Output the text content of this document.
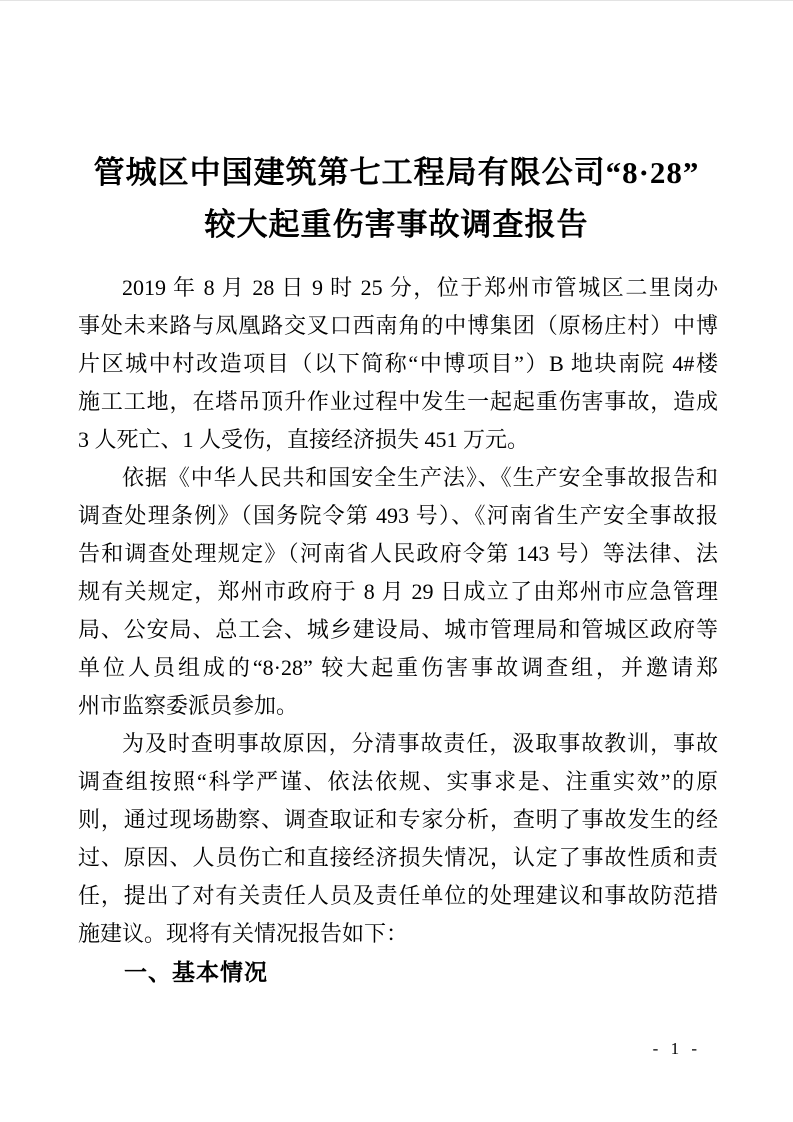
管城区中国建筑第七工程局有限公司“8·28”
较大起重伤害事故调查报告
2019 年 8 月 28 日 9 时 25 分，位于郑州市管城区二里岗办
事处未来路与凤凰路交叉口西南角的中博集团（原杨庄村）中博
片区城中村改造项目（以下简称“中博项目”）B 地块南院 4#楼
施工工地，在塔吊顶升作业过程中发生一起起重伤害事故，造成
3 人死亡、1 人受伤，直接经济损失 451 万元。
依据《中华人民共和国安全生产法》、《生产安全事故报告和
调查处理条例》（国务院令第 493 号）、《河南省生产安全事故报
告和调查处理规定》（河南省人民政府令第 143 号）等法律、法
规有关规定，郑州市政府于 8 月 29 日成立了由郑州市应急管理
局、公安局、总工会、城乡建设局、城市管理局和管城区政府等
单位人员组成的“8·28” 较大起重伤害事故调查组，并邀请郑
州市监察委派员参加。
为及时查明事故原因，分清事故责任，汲取事故教训，事故
调查组按照“科学严谨、依法依规、实事求是、注重实效”的原
则，通过现场勘察、调查取证和专家分析，查明了事故发生的经
过、原因、人员伤亡和直接经济损失情况，认定了事故性质和责
任，提出了对有关责任人员及责任单位的处理建议和事故防范措
施建议。现将有关情况报告如下：
一、基本情况
- 1 -
